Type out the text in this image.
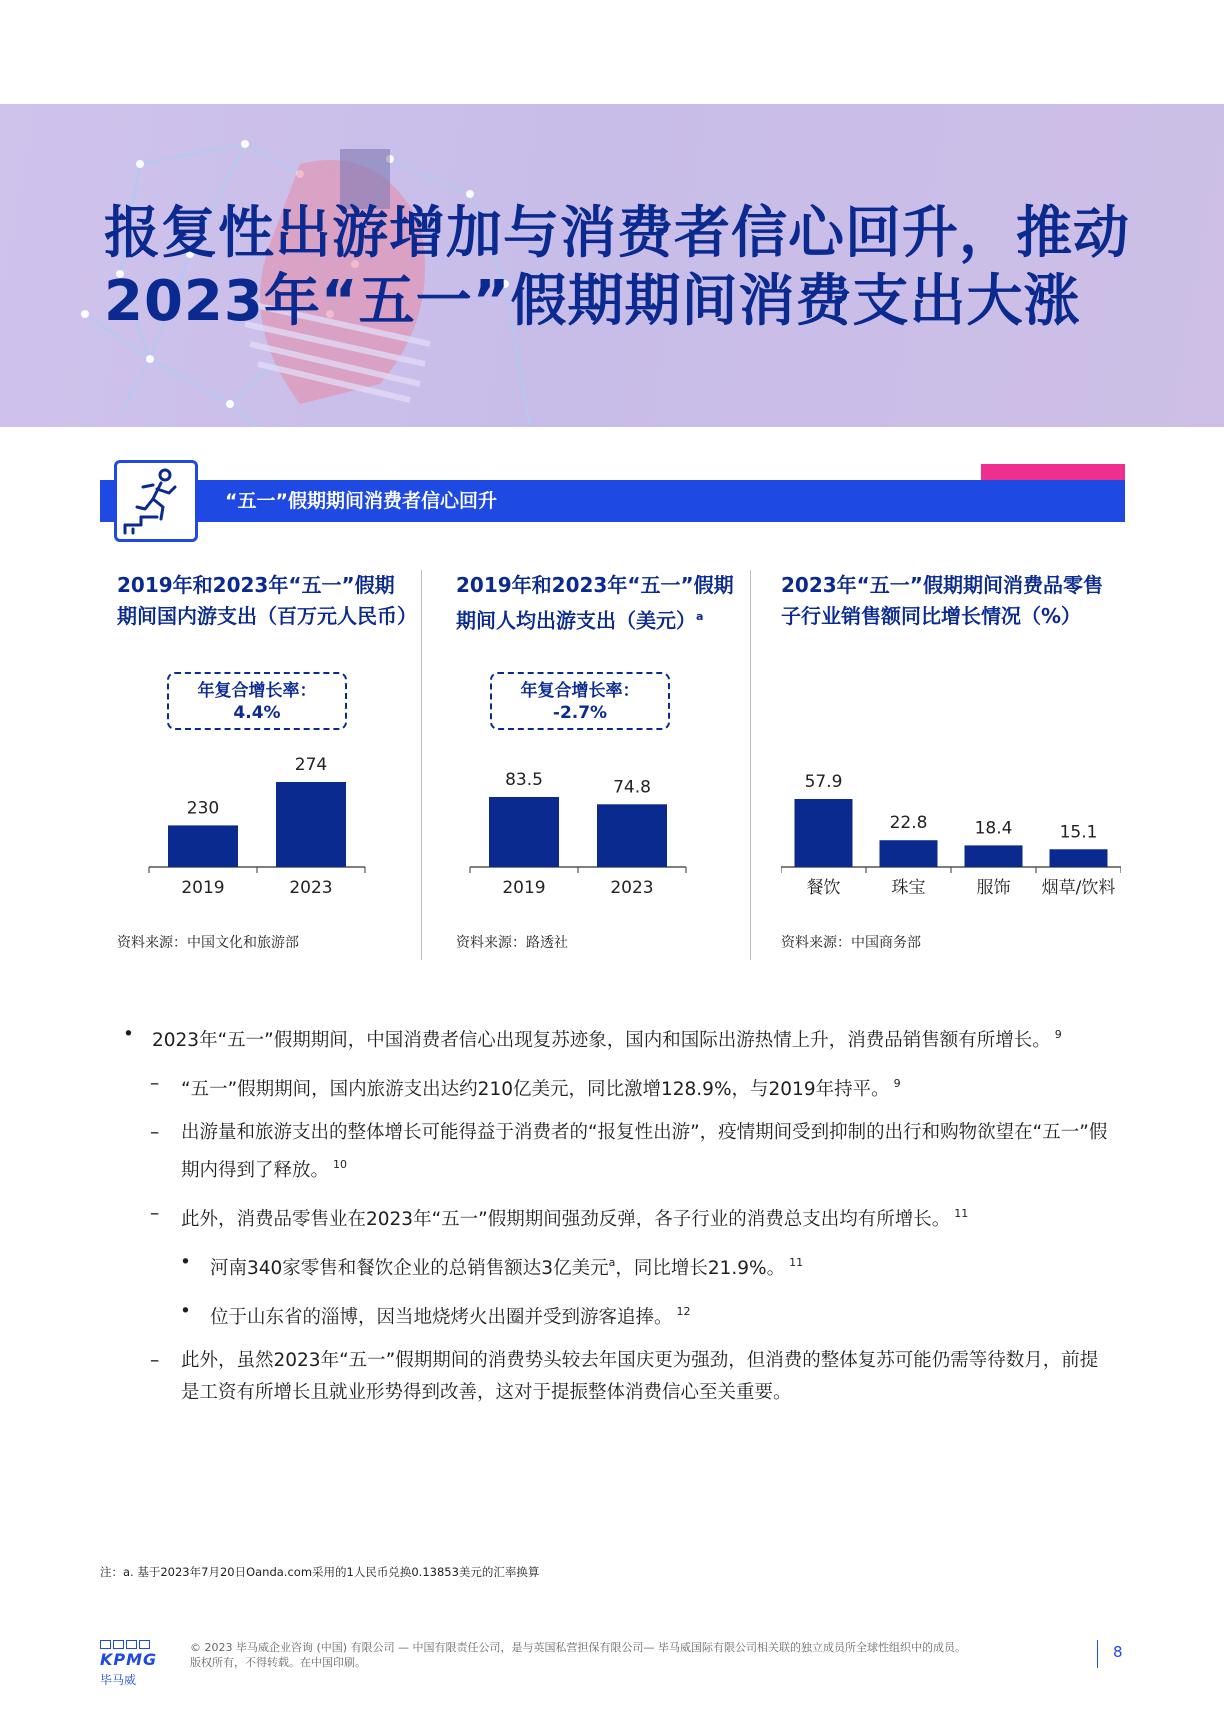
报复性出游增加与消费者信心回升，推动
2023年“五一”假期期间消费支出大涨
“五一”假期期间消费者信心回升
2019年和2023年“五一”假期
期间国内游支出（百万元人民币）
年复合增长率：
4.4%
230
2019
274
2023
资料来源：中国文化和旅游部
2019年和2023年“五一”假期
期间人均出游支出（美元）$^a$
年复合增长率：
-2.7%
83.5
2019
74.8
2023
资料来源：路透社
2023年“五一”假期期间消费品零售
子行业销售额同比增长情况（%）
57.9
餐饮
22.8
珠宝
18.4
服饰
15.1
烟草/饮料
资料来源：中国商务部
• 2023年“五一”假期期间，中国消费者信心出现复苏迹象，国内和国际出游热情上升，消费品销售额有所增长。 $^9$
– “五一”假期期间，国内旅游支出达约210亿美元，同比激增128.9%，与2019年持平。 $^9$
– 出游量和旅游支出的整体增长可能得益于消费者的“报复性出游”，疫情期间受到抑制的出行和购物欲望在“五一”假期内得到了释放。 $^{10}$
– 此外，消费品零售业在2023年“五一”假期期间强劲反弹，各子行业的消费总支出均有所增长。 $^{11}$
• 河南340家零售和餐饮企业的总销售额达3亿美元$^a$，同比增长21.9%。 $^{11}$
• 位于山东省的淄博，因当地烧烤火出圈并受到游客追捧。 $^{12}$
– 此外，虽然2023年“五一”假期期间的消费势头较去年国庆更为强劲，但消费的整体复苏可能仍需等待数月，前提是工资有所增长且就业形势得到改善，这对于提振整体消费信心至关重要。
注：a. 基于2023年7月20日Oanda.com采用的1人民币兑换0.13853美元的汇率换算
KPMG
毕马威
© 2023 毕马威企业咨询 (中国) 有限公司 — 中国有限责任公司，是与英国私营担保有限公司— 毕马威国际有限公司相关联的独立成员所全球性组织中的成员。
版权所有，不得转载。在中国印刷。
8
